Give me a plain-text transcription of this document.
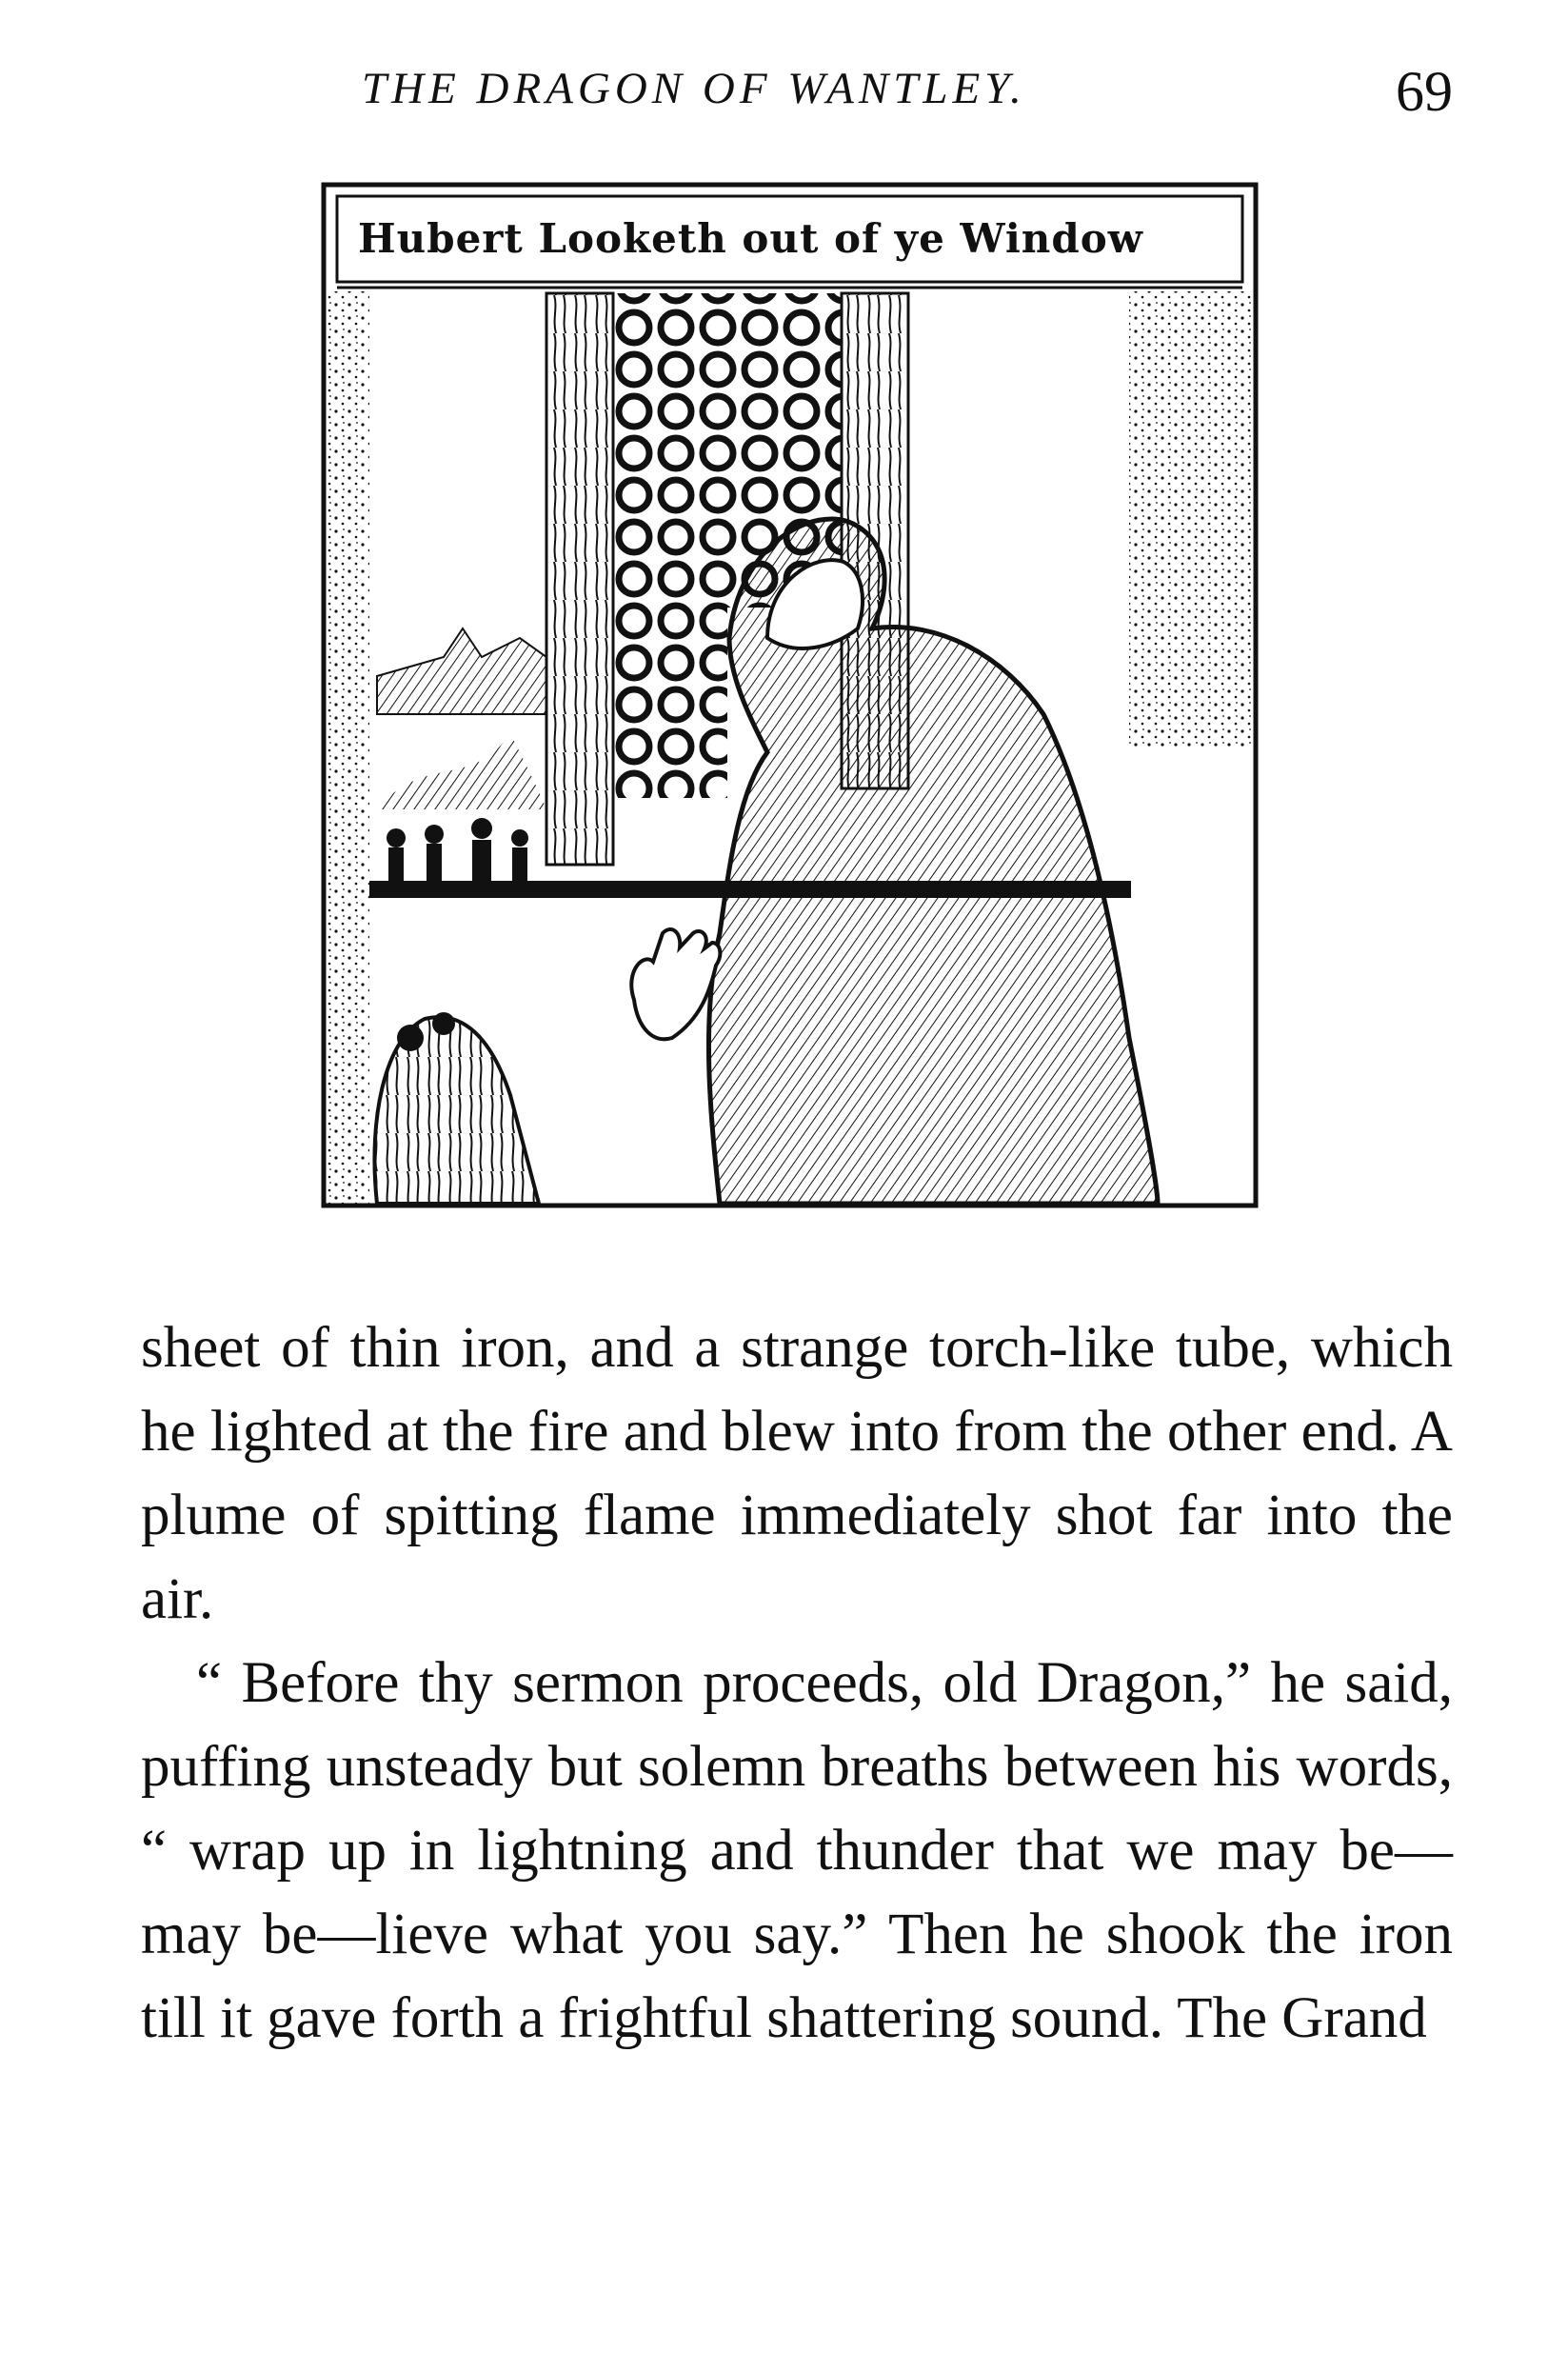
THE DRAGON OF WANTLEY.	69
Hubert Looketh out of ye Window

sheet of thin iron, and a strange torch-like tube, which he lighted at the fire and blew into from the other end. A plume of spitting flame immediately shot far into the air.

“ Before thy sermon proceeds, old Dragon,” he said, puffing unsteady but solemn breaths between his words, “ wrap up in lightning and thunder that we may be—may be—lieve what you say.” Then he shook the iron till it gave forth a frightful shattering sound. The Grand
